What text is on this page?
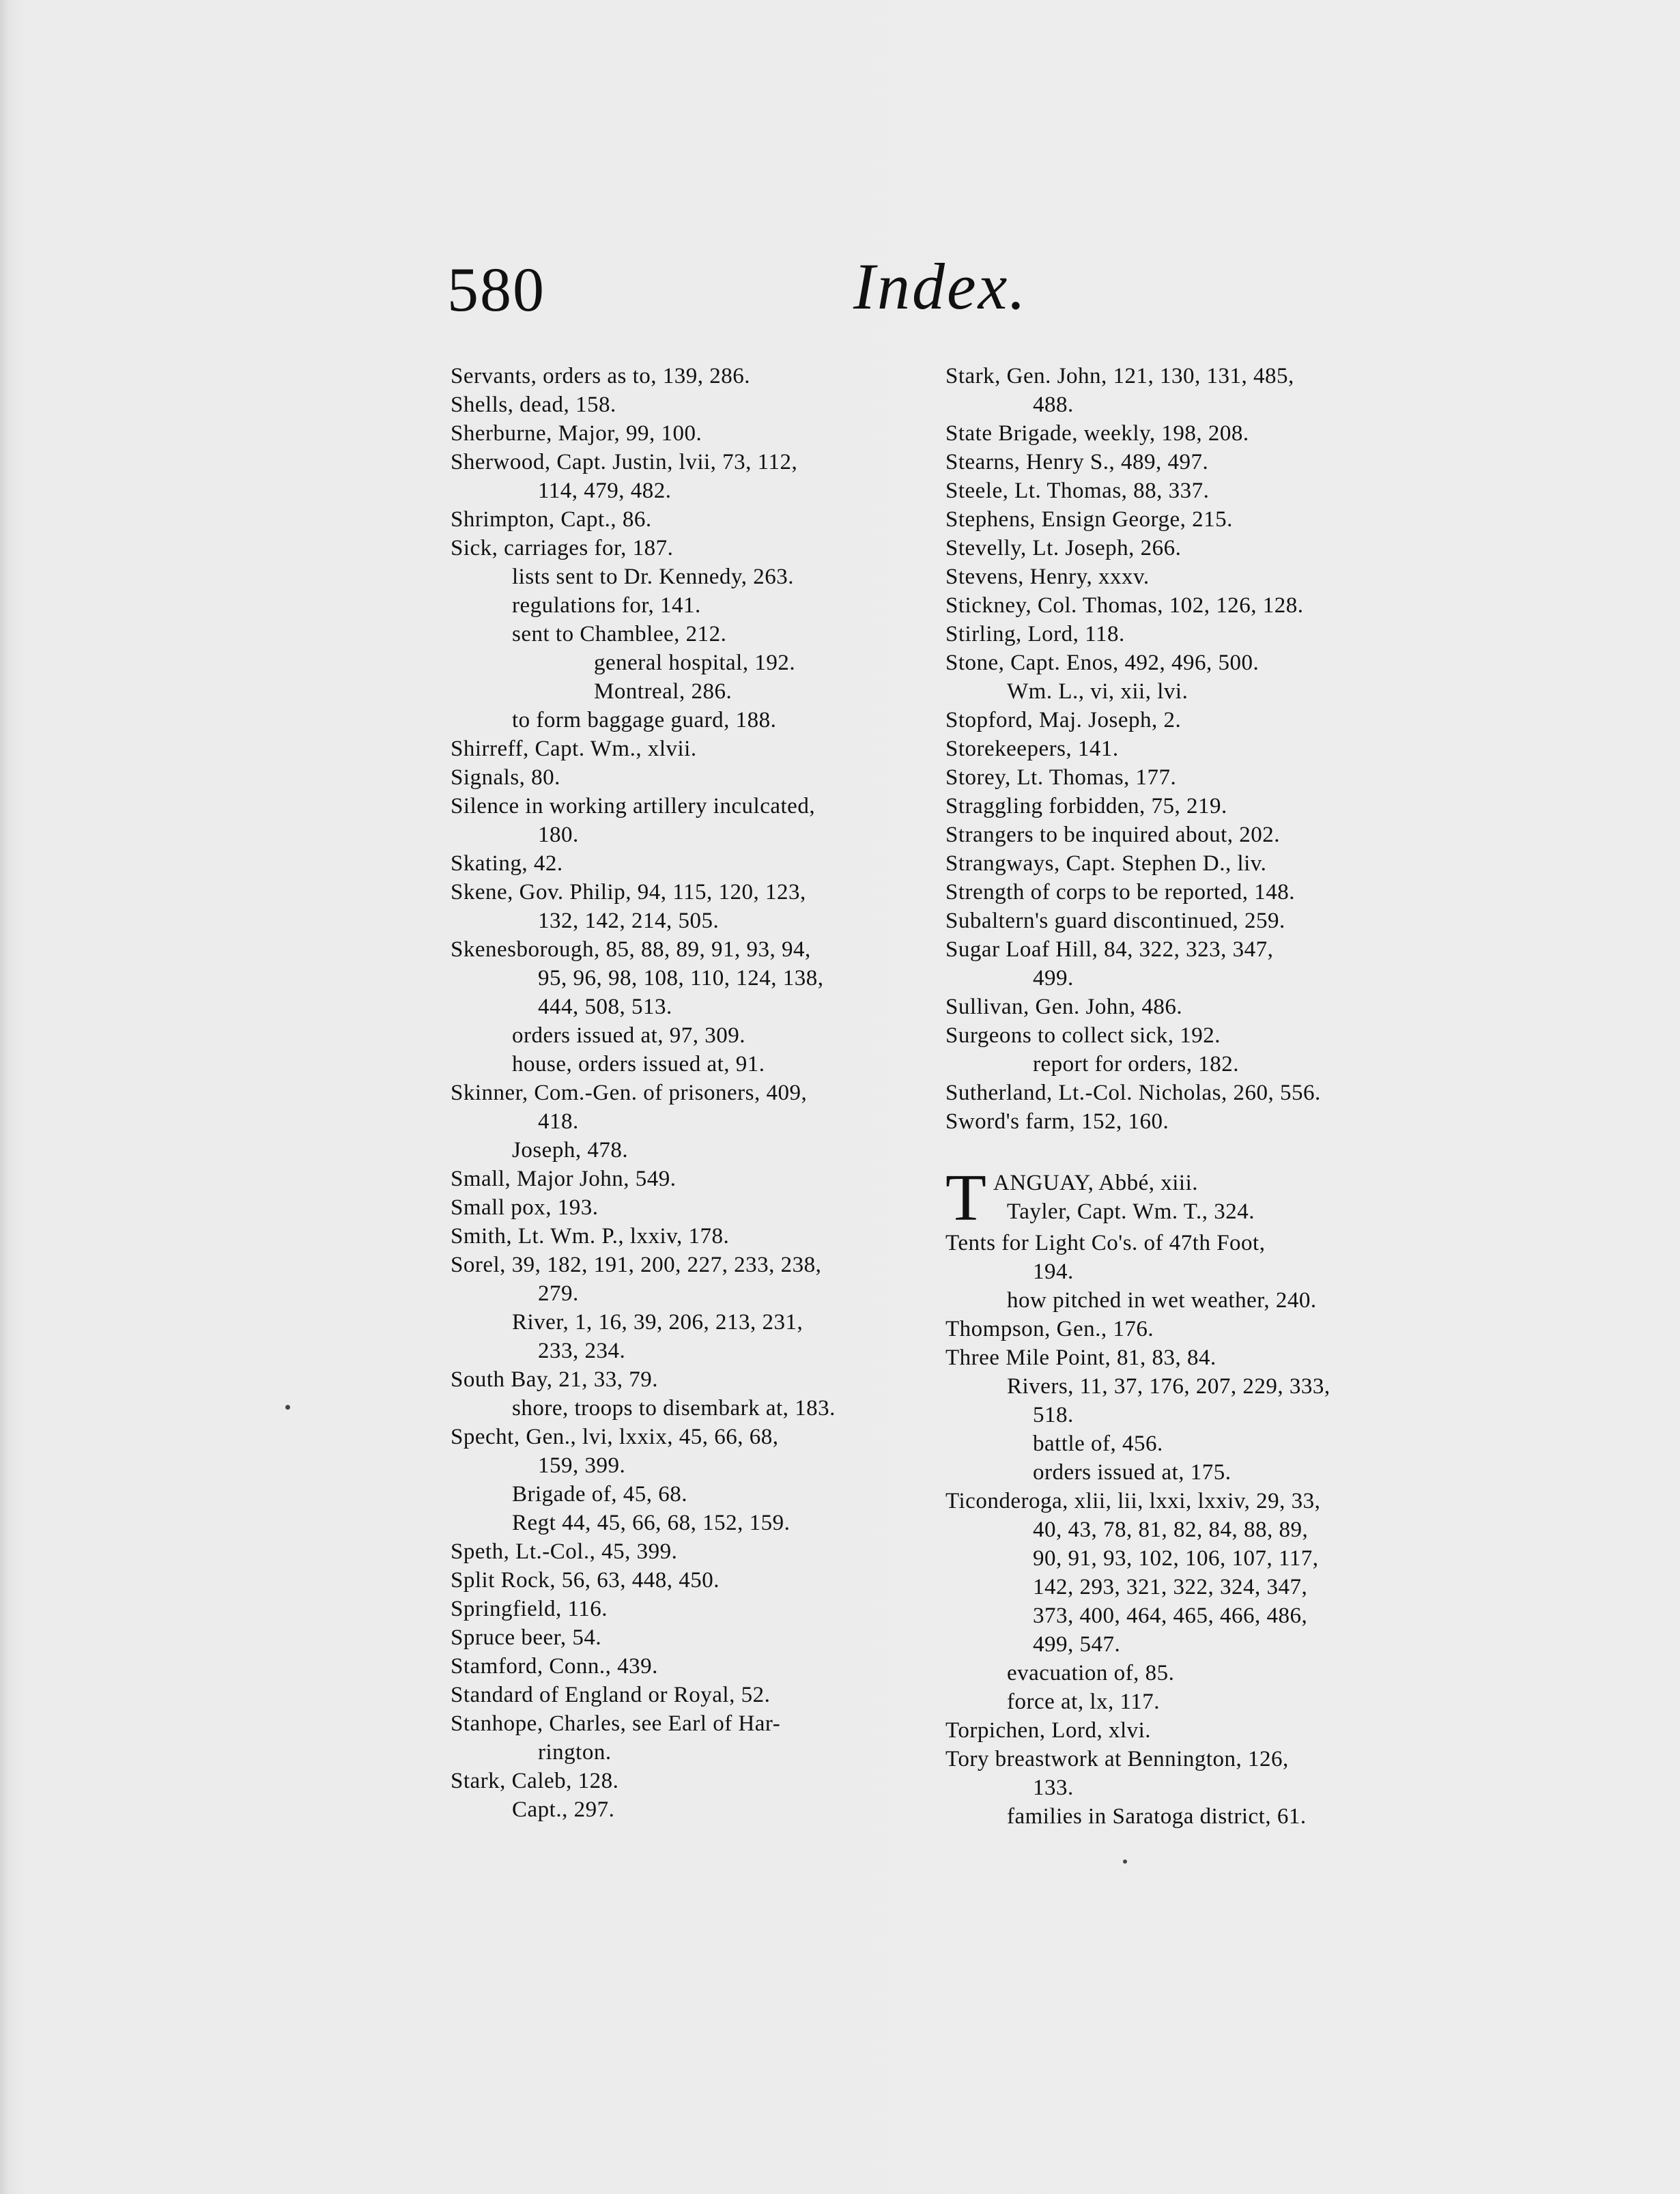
580	Index.
Servants, orders as to, 139, 286.
Shells, dead, 158.
Sherburne, Major, 99, 100.
Sherwood, Capt. Justin, lvii, 73, 112,
114, 479, 482.
Shrimpton, Capt., 86.
Sick, carriages for, 187.
lists sent to Dr. Kennedy, 263.
regulations for, 141.
sent to Chamblee, 212.
general hospital, 192.
Montreal, 286.
to form baggage guard, 188.
Shirreff, Capt. Wm., xlvii.
Signals, 80.
Silence in working artillery inculcated,
180.
Skating, 42.
Skene, Gov. Philip, 94, 115, 120, 123,
132, 142, 214, 505.
Skenesborough, 85, 88, 89, 91, 93, 94,
95, 96, 98, 108, 110, 124, 138,
444, 508, 513.
orders issued at, 97, 309.
house, orders issued at, 91.
Skinner, Com.-Gen. of prisoners, 409,
418.
Joseph, 478.
Small, Major John, 549.
Small pox, 193.
Smith, Lt. Wm. P., lxxiv, 178.
Sorel, 39, 182, 191, 200, 227, 233, 238,
279.
River, 1, 16, 39, 206, 213, 231,
233, 234.
South Bay, 21, 33, 79.
shore, troops to disembark at, 183.
Specht, Gen., lvi, lxxix, 45, 66, 68,
159, 399.
Brigade of, 45, 68.
Regt 44, 45, 66, 68, 152, 159.
Speth, Lt.-Col., 45, 399.
Split Rock, 56, 63, 448, 450.
Springfield, 116.
Spruce beer, 54.
Stamford, Conn., 439.
Standard of England or Royal, 52.
Stanhope, Charles, see Earl of Har-
rington.
Stark, Caleb, 128.
Capt., 297.
Stark, Gen. John, 121, 130, 131, 485,
488.
State Brigade, weekly, 198, 208.
Stearns, Henry S., 489, 497.
Steele, Lt. Thomas, 88, 337.
Stephens, Ensign George, 215.
Stevelly, Lt. Joseph, 266.
Stevens, Henry, xxxv.
Stickney, Col. Thomas, 102, 126, 128.
Stirling, Lord, 118.
Stone, Capt. Enos, 492, 496, 500.
Wm. L., vi, xii, lvi.
Stopford, Maj. Joseph, 2.
Storekeepers, 141.
Storey, Lt. Thomas, 177.
Straggling forbidden, 75, 219.
Strangers to be inquired about, 202.
Strangways, Capt. Stephen D., liv.
Strength of corps to be reported, 148.
Subaltern's guard discontinued, 259.
Sugar Loaf Hill, 84, 322, 323, 347,
499.
Sullivan, Gen. John, 486.
Surgeons to collect sick, 192.
report for orders, 182.
Sutherland, Lt.-Col. Nicholas, 260, 556.
Sword's farm, 152, 160.
T ANGUAY, Abbé, xiii.
Tayler, Capt. Wm. T., 324.
Tents for Light Co's. of 47th Foot,
194.
how pitched in wet weather, 240.
Thompson, Gen., 176.
Three Mile Point, 81, 83, 84.
Rivers, 11, 37, 176, 207, 229, 333,
518.
battle of, 456.
orders issued at, 175.
Ticonderoga, xlii, lii, lxxi, lxxiv, 29, 33,
40, 43, 78, 81, 82, 84, 88, 89,
90, 91, 93, 102, 106, 107, 117,
142, 293, 321, 322, 324, 347,
373, 400, 464, 465, 466, 486,
499, 547.
evacuation of, 85.
force at, lx, 117.
Torpichen, Lord, xlvi.
Tory breastwork at Bennington, 126,
133.
families in Saratoga district, 61.
